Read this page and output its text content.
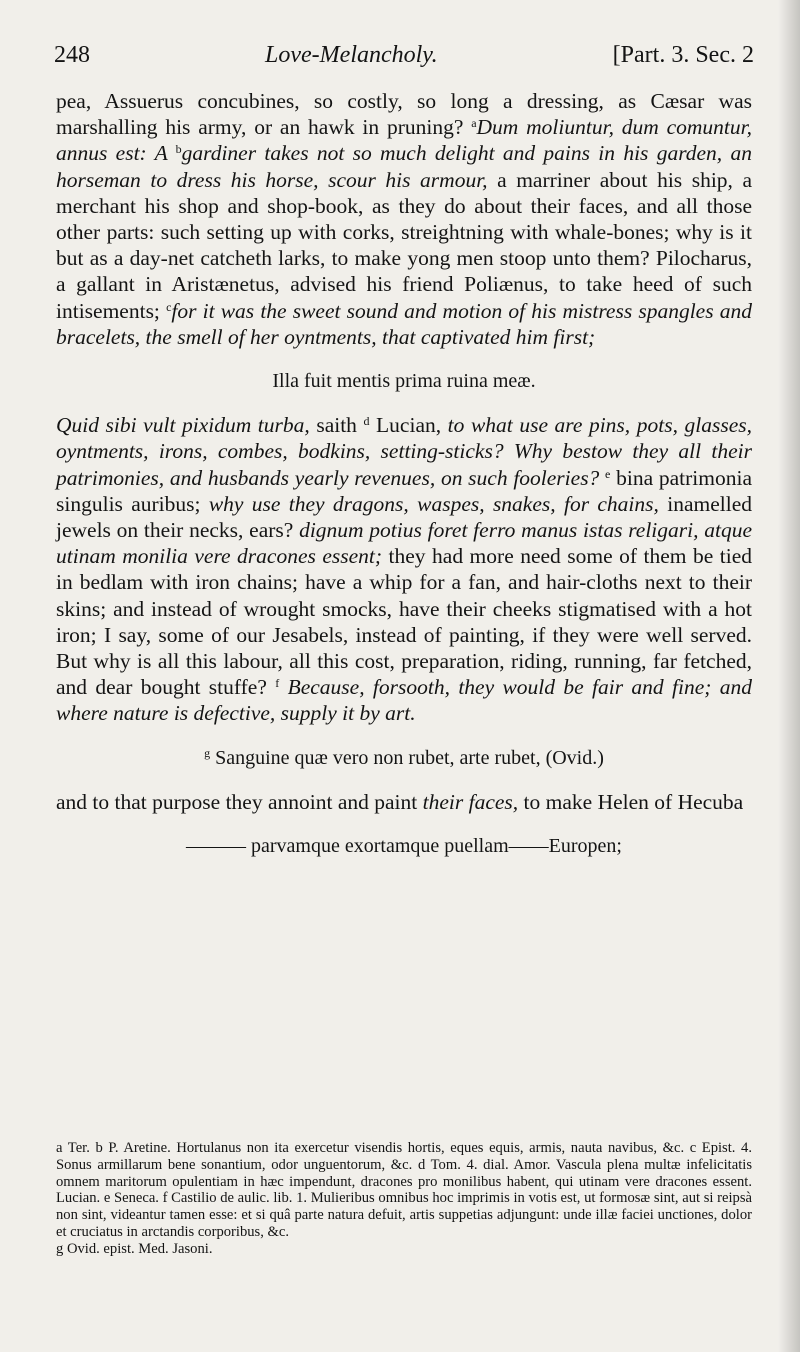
248	Love-Melancholy.	[Part. 3. Sec. 2

pea, Assuerus concubines, so costly, so long a dressing, as Cæsar was marshalling his army, or an hawk in pruning? $^a$Dum moliuntur, dum comuntur, annus est: A $^b$gardiner takes not so much delight and pains in his garden, an horseman to dress his horse, scour his armour, a marriner about his ship, a merchant his shop and shop-book, as they do about their faces, and all those other parts: such setting up with corks, streightning with whale-bones; why is it but as a day-net catcheth larks, to make yong men stoop unto them? Pilocharus, a gallant in Aristænetus, advised his friend Poliænus, to take heed of such intisements; $^c$for it was the sweet sound and motion of his mistress spangles and bracelets, the smell of her oyntments, that captivated him first;

Illa fuit mentis prima ruina meæ.

Quid sibi vult pixidum turba, saith $^d$ Lucian, to what use are pins, pots, glasses, oyntments, irons, combes, bodkins, setting-sticks? Why bestow they all their patrimonies, and husbands yearly revenues, on such fooleries? $^e$ bina patrimonia singulis auribus; why use they dragons, waspes, snakes, for chains, inamelled jewels on their necks, ears? dignum potius foret ferro manus istas religari, atque utinam monilia vere dracones essent; they had more need some of them be tied in bedlam with iron chains; have a whip for a fan, and hair-cloths next to their skins; and instead of wrought smocks, have their cheeks stigmatised with a hot iron; I say, some of our Jesabels, instead of painting, if they were well served. But why is all this labour, all this cost, preparation, riding, running, far fetched, and dear bought stuffe? $^f$ Because, forsooth, they would be fair and fine; and where nature is defective, supply it by art.

$^g$ Sanguine quæ vero non rubet, arte rubet, (Ovid.)

and to that purpose they annoint and paint their faces, to make Helen of Hecuba

——— parvamque exortamque puellam——Europen;

a Ter. b P. Aretine. Hortulanus non ita exercetur visendis hortis, eques equis, armis, nauta navibus, &c. c Epist. 4. Sonus armillarum bene sonantium, odor unguentorum, &c. d Tom. 4. dial. Amor. Vascula plena multæ infelicitatis omnem maritorum opulentiam in hæc impendunt, dracones pro monilibus habent, qui utinam vere dracones essent. Lucian. e Seneca. f Castilio de aulic. lib. 1. Mulieribus omnibus hoc imprimis in votis est, ut formosæ sint, aut si reipsà non sint, videantur tamen esse: et si quâ parte natura defuit, artis suppetias adjungunt: unde illæ faciei unctiones, dolor et cruciatus in arctandis corporibus, &c.

g Ovid. epist. Med. Jasoni.
